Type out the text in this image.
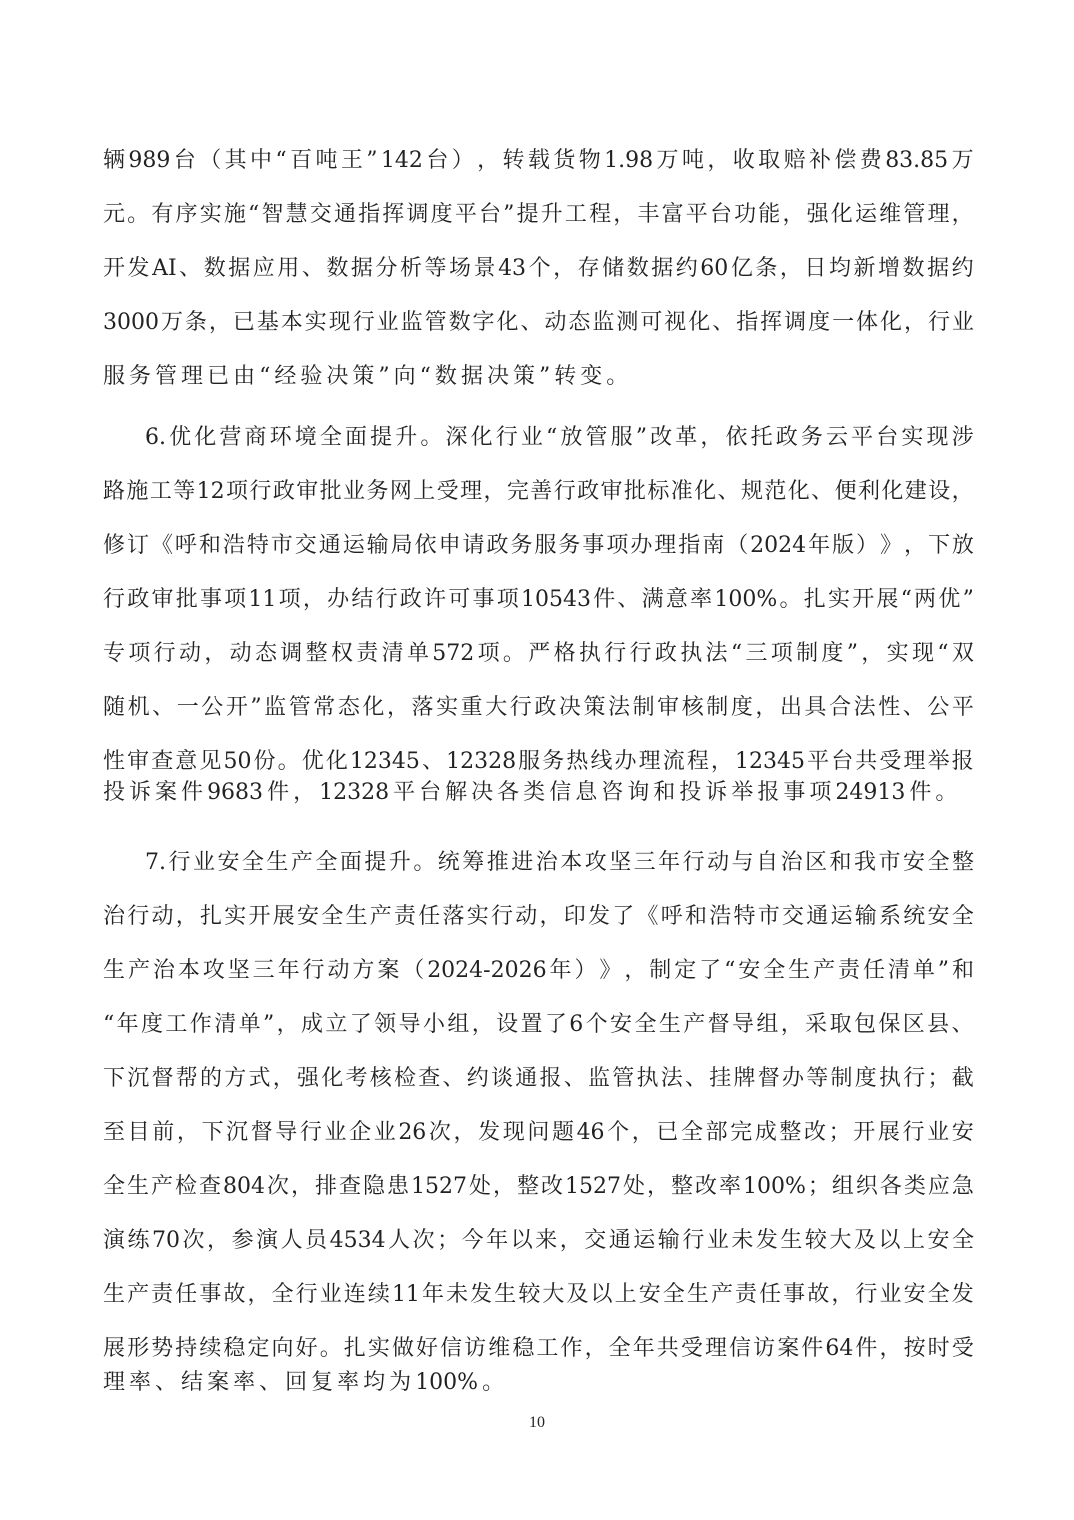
辆 989 台 （ 其 中 “ 百 吨 王 ” 142 台 ） ， 转 载 货 物 1.98 万 吨 ， 收 取 赔 补 偿 费 83.85 万
元 。 有 序 实 施 “ 智 慧 交 通 指 挥 调 度 平 台 ” 提 升 工 程 ， 丰 富 平 台 功 能 ， 强 化 运 维 管 理 ，
开 发 AI 、 数 据 应 用 、 数 据 分 析 等 场 景 43 个 ， 存 储 数 据 约 60 亿 条 ， 日 均 新 增 数 据 约
3000 万 条 ， 已 基 本 实 现 行 业 监 管 数 字 化 、 动 态 监 测 可 视 化 、 指 挥 调 度 一 体 化 ， 行 业
服 务 管 理 已 由 “ 经 验 决 策 ” 向 “ 数 据 决 策 ” 转 变 。
6. 优 化 营 商 环 境 全 面 提 升 。 深 化 行 业 “ 放 管 服 ” 改 革 ， 依 托 政 务 云 平 台 实 现 涉
路 施 工 等 12 项 行 政 审 批 业 务 网 上 受 理 ， 完 善 行 政 审 批 标 准 化 、 规 范 化 、 便 利 化 建 设 ，
修 订 《 呼 和 浩 特 市 交 通 运 输 局 依 申 请 政 务 服 务 事 项 办 理 指 南 （ 2024 年 版 ） 》 ， 下 放
行 政 审 批 事 项 11 项 ， 办 结 行 政 许 可 事 项 10543 件 、 满 意 率 100% 。 扎 实 开 展 “ 两 优 ”
专 项 行 动 ， 动 态 调 整 权 责 清 单 572 项 。 严 格 执 行 行 政 执 法 “ 三 项 制 度 ” ， 实 现 “ 双
随 机 、 一 公 开 ” 监 管 常 态 化 ， 落 实 重 大 行 政 决 策 法 制 审 核 制 度 ， 出 具 合 法 性 、 公 平
性 审 查 意 见 50 份 。 优 化 12345 、 12328 服 务 热 线 办 理 流 程 ， 12345 平 台 共 受 理 举 报
投 诉 案 件 9683 件 ， 12328 平 台 解 决 各 类 信 息 咨 询 和 投 诉 举 报 事 项 24913 件 。
7. 行 业 安 全 生 产 全 面 提 升 。 统 筹 推 进 治 本 攻 坚 三 年 行 动 与 自 治 区 和 我 市 安 全 整
治 行 动 ， 扎 实 开 展 安 全 生 产 责 任 落 实 行 动 ， 印 发 了 《 呼 和 浩 特 市 交 通 运 输 系 统 安 全
生 产 治 本 攻 坚 三 年 行 动 方 案 （ 2024-2026 年 ） 》 ， 制 定 了 “ 安 全 生 产 责 任 清 单 ” 和
“ 年 度 工 作 清 单 ” ， 成 立 了 领 导 小 组 ， 设 置 了 6 个 安 全 生 产 督 导 组 ， 采 取 包 保 区 县 、
下 沉 督 帮 的 方 式 ， 强 化 考 核 检 查 、 约 谈 通 报 、 监 管 执 法 、 挂 牌 督 办 等 制 度 执 行 ； 截
至 目 前 ， 下 沉 督 导 行 业 企 业 26 次 ， 发 现 问 题 46 个 ， 已 全 部 完 成 整 改 ； 开 展 行 业 安
全 生 产 检 查 804 次 ， 排 查 隐 患 1527 处 ， 整 改 1527 处 ， 整 改 率 100% ； 组 织 各 类 应 急
演 练 70 次 ， 参 演 人 员 4534 人 次 ； 今 年 以 来 ， 交 通 运 输 行 业 未 发 生 较 大 及 以 上 安 全
生 产 责 任 事 故 ， 全 行 业 连 续 11 年 未 发 生 较 大 及 以 上 安 全 生 产 责 任 事 故 ， 行 业 安 全 发
展 形 势 持 续 稳 定 向 好 。 扎 实 做 好 信 访 维 稳 工 作 ， 全 年 共 受 理 信 访 案 件 64 件 ， 按 时 受
理 率 、 结 案 率 、 回 复 率 均 为 100% 。
10
